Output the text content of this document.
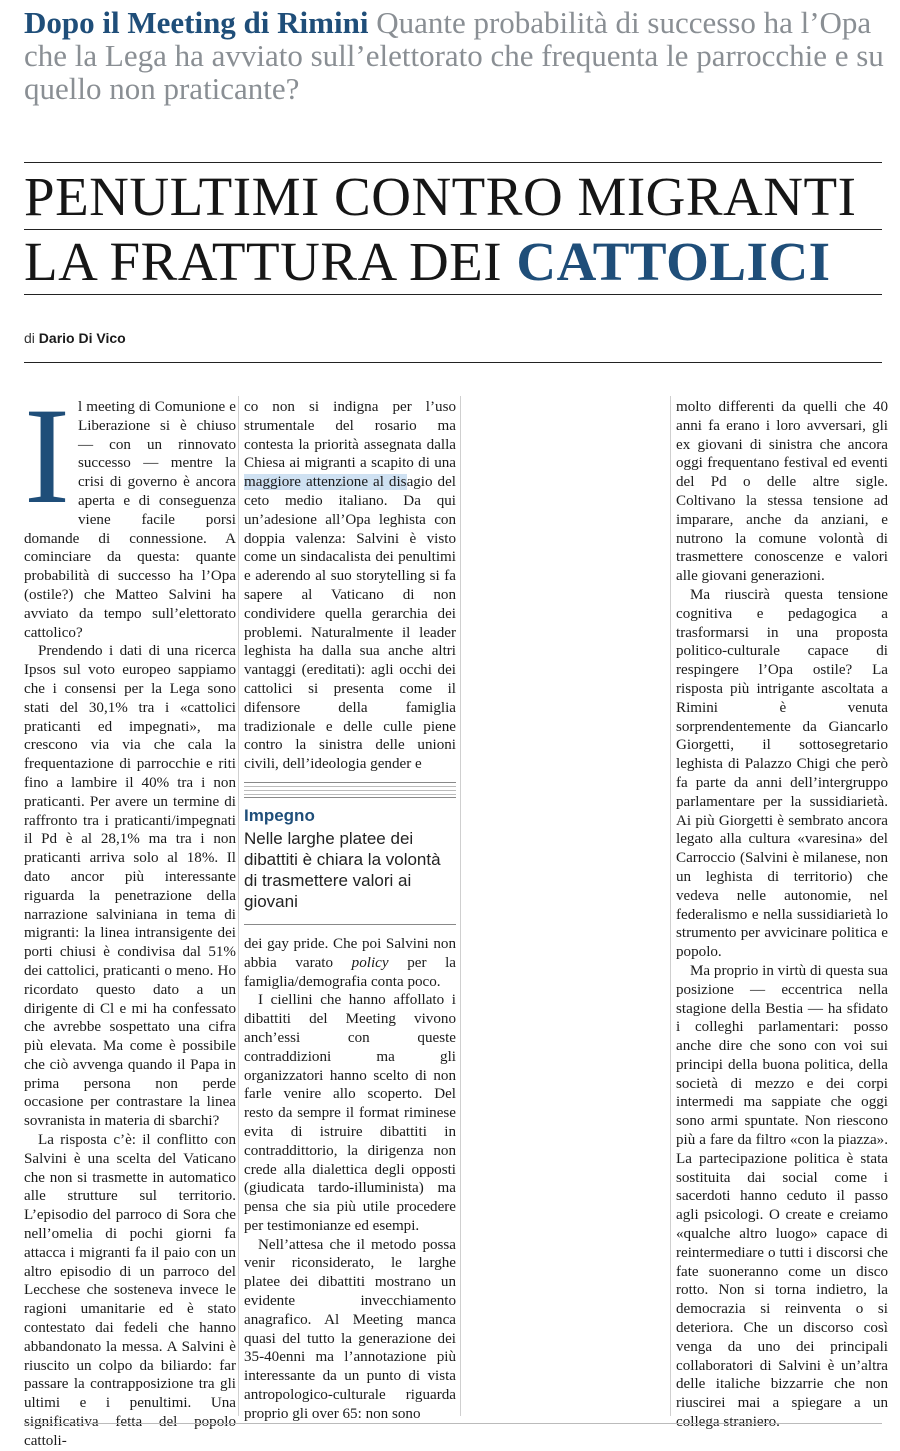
Dopo il Meeting di Rimini Quante probabilità di successo ha l’Opa che la Lega ha avviato sull’elettorato che frequenta le parrocchie e su quello non praticante?
PENULTIMI CONTRO MIGRANTI
LA FRATTURA DEI CATTOLICI
di Dario Di Vico

Il meeting di Comunione e Liberazione si è chiuso — con un rinnovato successo — mentre la crisi di governo è ancora aperta e di conseguenza viene facile porsi domande di connessione. A cominciare da questa: quante probabilità di successo ha l’Opa (ostile?) che Matteo Salvini ha avviato da tempo sull’elettorato cattolico?

Prendendo i dati di una ricerca Ipsos sul voto europeo sappiamo che i consensi per la Lega sono stati del 30,1% tra i «cattolici praticanti ed impegnati», ma crescono via via che cala la frequentazione di parrocchie e riti fino a lambire il 40% tra i non praticanti. Per avere un termine di raffronto tra i praticanti/impegnati il Pd è al 28,1% ma tra i non praticanti arriva solo al 18%. Il dato ancor più interessante riguarda la penetrazione della narrazione salviniana in tema di migranti: la linea intransigente dei porti chiusi è condivisa dal 51% dei cattolici, praticanti o meno. Ho ricordato questo dato a un dirigente di Cl e mi ha confessato che avrebbe sospettato una cifra più elevata. Ma come è possibile che ciò avvenga quando il Papa in prima persona non perde occasione per contrastare la linea sovranista in materia di sbarchi?

La risposta c’è: il conflitto con Salvini è una scelta del Vaticano che non si trasmette in automatico alle strutture sul territorio. L’episodio del parroco di Sora che nell’omelia di pochi giorni fa attacca i migranti fa il paio con un altro episodio di un parroco del Lecchese che sosteneva invece le ragioni umanitarie ed è stato contestato dai fedeli che hanno abbandonato la messa. A Salvini è riuscito un colpo da biliardo: far passare la contrapposizione tra gli ultimi e i penultimi. Una significativa fetta del popolo cattoli-

co non si indigna per l’uso strumentale del rosario ma contesta la priorità assegnata dalla Chiesa ai migranti a scapito di una maggiore attenzione al disagio del ceto medio italiano. Da qui un’adesione all’Opa leghista con doppia valenza: Salvini è visto come un sindacalista dei penultimi e aderendo al suo storytelling si fa sapere al Vaticano di non condividere quella gerarchia dei problemi. Naturalmente il leader leghista ha dalla sua anche altri vantaggi (ereditati): agli occhi dei cattolici si presenta come il difensore della famiglia tradizionale e delle culle piene contro la sinistra delle unioni civili, dell’ideologia gender e

Impegno
Nelle larghe platee dei dibattiti è chiara la volontà di trasmettere valori ai giovani

dei gay pride. Che poi Salvini non abbia varato policy per la famiglia/demografia conta poco.

I ciellini che hanno affollato i dibattiti del Meeting vivono anch’essi con queste contraddizioni ma gli organizzatori hanno scelto di non farle venire allo scoperto. Del resto da sempre il format riminese evita di istruire dibattiti in contraddittorio, la dirigenza non crede alla dialettica degli opposti (giudicata tardo-illuminista) ma pensa che sia più utile procedere per testimonianze ed esempi.

Nell’attesa che il metodo possa venir riconsiderato, le larghe platee dei dibattiti mostrano un evidente invecchiamento anagrafico. Al Meeting manca quasi del tutto la generazione dei 35-40enni ma l’annotazione più interessante da un punto di vista antropologico-culturale riguarda proprio gli over 65: non sono

molto differenti da quelli che 40 anni fa erano i loro avversari, gli ex giovani di sinistra che ancora oggi frequentano festival ed eventi del Pd o delle altre sigle. Coltivano la stessa tensione ad imparare, anche da anziani, e nutrono la comune volontà di trasmettere conoscenze e valori alle giovani generazioni.

Ma riuscirà questa tensione cognitiva e pedagogica a trasformarsi in una proposta politico-culturale capace di respingere l’Opa ostile? La risposta più intrigante ascoltata a Rimini è venuta sorprendentemente da Giancarlo Giorgetti, il sottosegretario leghista di Palazzo Chigi che però fa parte da anni dell’intergruppo parlamentare per la sussidiarietà. Ai più Giorgetti è sembrato ancora legato alla cultura «varesina» del Carroccio (Salvini è milanese, non un leghista di territorio) che vedeva nelle autonomie, nel federalismo e nella sussidiarietà lo strumento per avvicinare politica e popolo.

Ma proprio in virtù di questa sua posizione — eccentrica nella stagione della Bestia — ha sfidato i colleghi parlamentari: posso anche dire che sono con voi sui principi della buona politica, della società di mezzo e dei corpi intermedi ma sappiate che oggi sono armi spuntate. Non riescono più a fare da filtro «con la piazza». La partecipazione politica è stata sostituita dai social come i sacerdoti hanno ceduto il passo agli psicologi. O create e creiamo «qualche altro luogo» capace di reintermediare o tutti i discorsi che fate suoneranno come un disco rotto. Non si torna indietro, la democrazia si reinventa o si deteriora. Che un discorso così venga da uno dei principali collaboratori di Salvini è un’altra delle italiche bizzarrie che non riuscirei mai a spiegare a un collega straniero.
